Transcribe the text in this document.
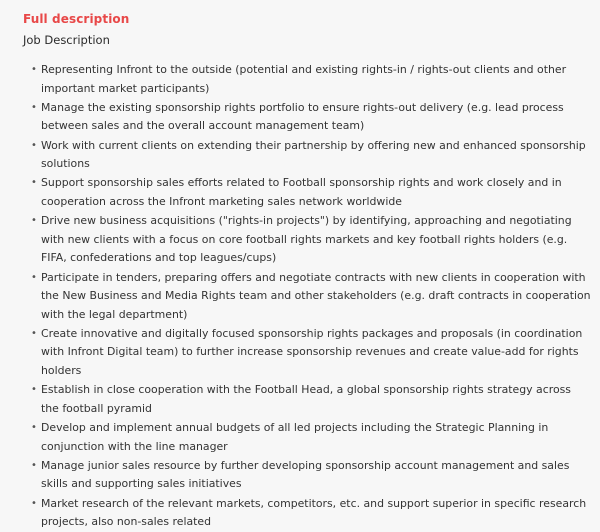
Full description
Job Description
• Representing Infront to the outside (potential and existing rights-in / rights-out clients and other important market participants)
• Manage the existing sponsorship rights portfolio to ensure rights-out delivery (e.g. lead process between sales and the overall account management team)
• Work with current clients on extending their partnership by offering new and enhanced sponsorship solutions
• Support sponsorship sales efforts related to Football sponsorship rights and work closely and in cooperation across the Infront marketing sales network worldwide
• Drive new business acquisitions ("rights-in projects") by identifying, approaching and negotiating with new clients with a focus on core football rights markets and key football rights holders (e.g. FIFA, confederations and top leagues/cups)
• Participate in tenders, preparing offers and negotiate contracts with new clients in cooperation with the New Business and Media Rights team and other stakeholders (e.g. draft contracts in cooperation with the legal department)
• Create innovative and digitally focused sponsorship rights packages and proposals (in coordination with Infront Digital team) to further increase sponsorship revenues and create value-add for rights holders
• Establish in close cooperation with the Football Head, a global sponsorship rights strategy across the football pyramid
• Develop and implement annual budgets of all led projects including the Strategic Planning in conjunction with the line manager
• Manage junior sales resource by further developing sponsorship account management and sales skills and supporting sales initiatives
• Market research of the relevant markets, competitors, etc. and support superior in specific research projects, also non-sales related
